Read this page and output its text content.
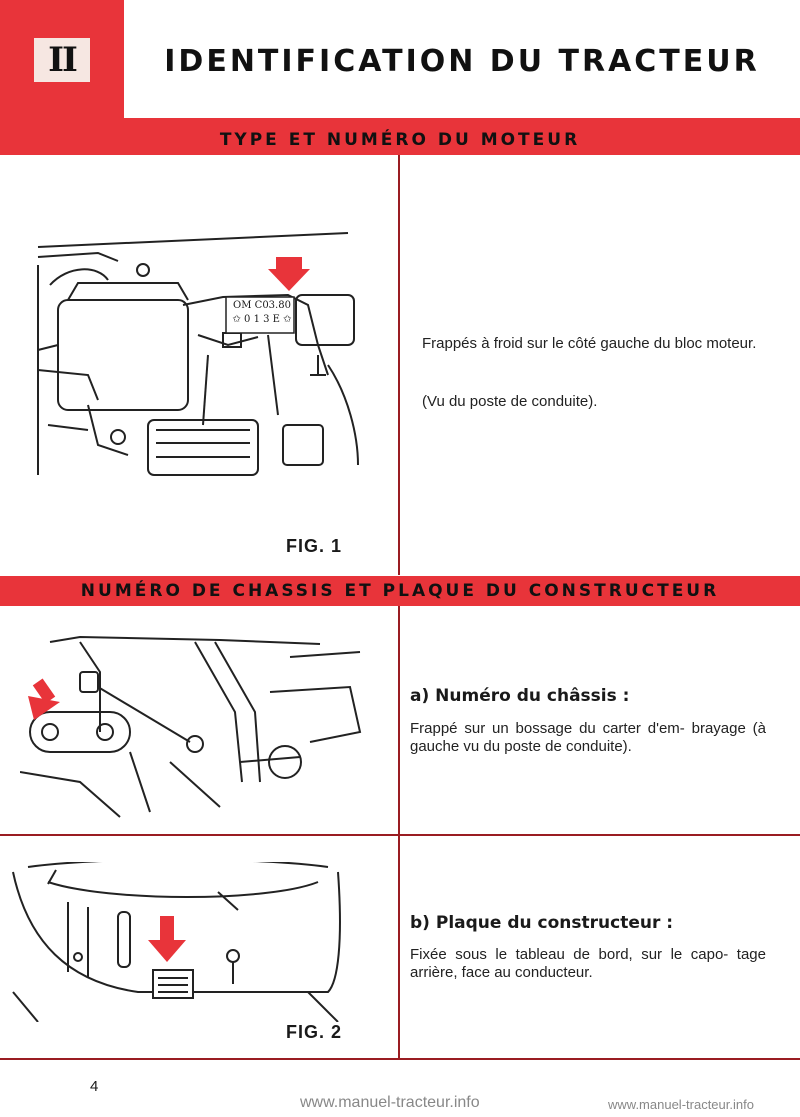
II	IDENTIFICATION DU TRACTEUR
TYPE ET NUMÉRO DU MOTEUR
OM C03.80
✩ 0 1 3 E ✩
FIG. 1
Frappés à froid sur le côté gauche du bloc moteur.
(Vu du poste de conduite).
NUMÉRO DE CHASSIS ET PLAQUE DU CONSTRUCTEUR
a) Numéro du châssis :
Frappé sur un bossage du carter d'em- brayage (à gauche vu du poste de conduite).
b) Plaque du constructeur :
Fixée sous le tableau de bord, sur le capo- tage arrière, face au conducteur.
FIG. 2
4
www.manuel-tracteur.info	www.manuel-tracteur.info
